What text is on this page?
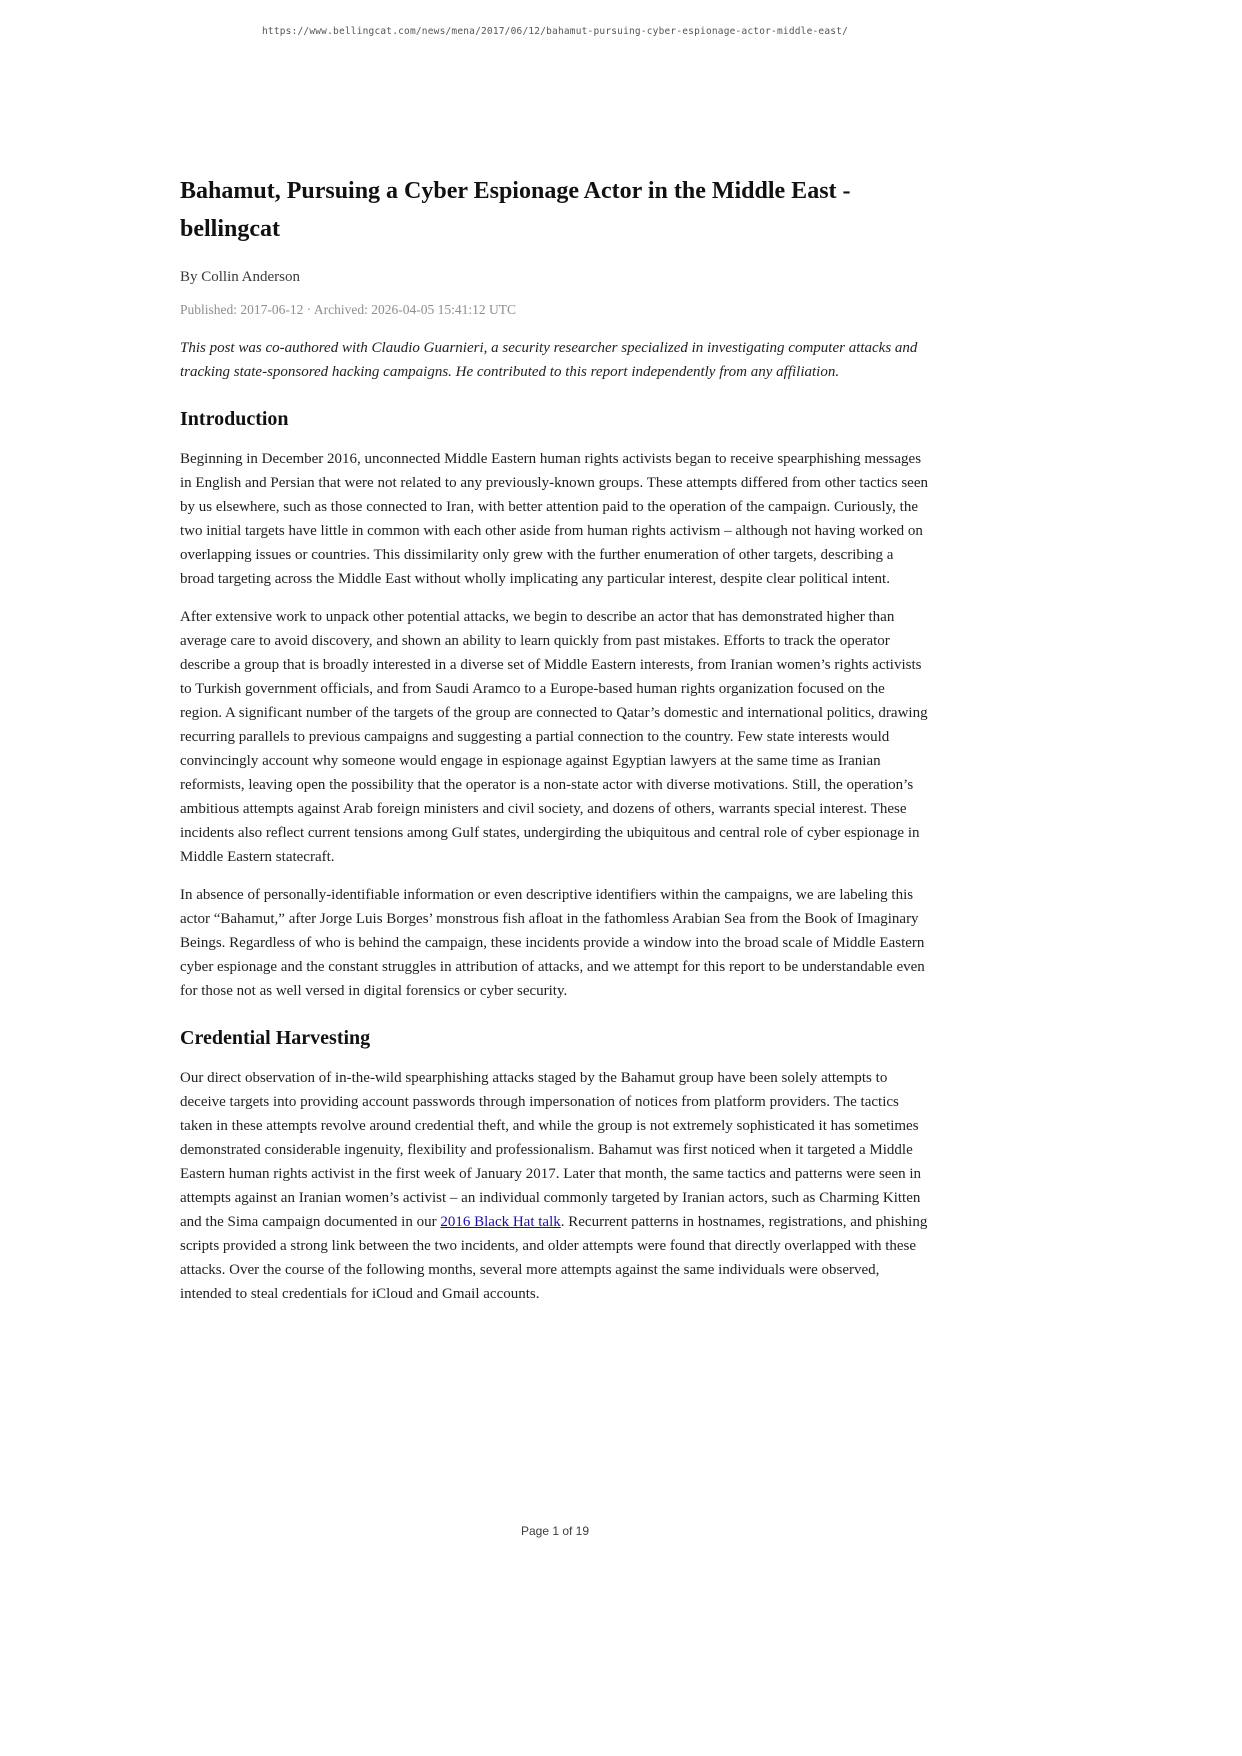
https://www.bellingcat.com/news/mena/2017/06/12/bahamut-pursuing-cyber-espionage-actor-middle-east/
Bahamut, Pursuing a Cyber Espionage Actor in the Middle East - bellingcat

By Collin Anderson

Published: 2017-06-12 · Archived: 2026-04-05 15:41:12 UTC

This post was co-authored with Claudio Guarnieri, a security researcher specialized in investigating computer attacks and tracking state-sponsored hacking campaigns. He contributed to this report independently from any affiliation.

Introduction

Beginning in December 2016, unconnected Middle Eastern human rights activists began to receive spearphishing messages in English and Persian that were not related to any previously-known groups. These attempts differed from other tactics seen by us elsewhere, such as those connected to Iran, with better attention paid to the operation of the campaign. Curiously, the two initial targets have little in common with each other aside from human rights activism – although not having worked on overlapping issues or countries. This dissimilarity only grew with the further enumeration of other targets, describing a broad targeting across the Middle East without wholly implicating any particular interest, despite clear political intent.

After extensive work to unpack other potential attacks, we begin to describe an actor that has demonstrated higher than average care to avoid discovery, and shown an ability to learn quickly from past mistakes. Efforts to track the operator describe a group that is broadly interested in a diverse set of Middle Eastern interests, from Iranian women’s rights activists to Turkish government officials, and from Saudi Aramco to a Europe-based human rights organization focused on the region. A significant number of the targets of the group are connected to Qatar’s domestic and international politics, drawing recurring parallels to previous campaigns and suggesting a partial connection to the country. Few state interests would convincingly account why someone would engage in espionage against Egyptian lawyers at the same time as Iranian reformists, leaving open the possibility that the operator is a non-state actor with diverse motivations. Still, the operation’s ambitious attempts against Arab foreign ministers and civil society, and dozens of others, warrants special interest. These incidents also reflect current tensions among Gulf states, undergirding the ubiquitous and central role of cyber espionage in Middle Eastern statecraft.

In absence of personally-identifiable information or even descriptive identifiers within the campaigns, we are labeling this actor “Bahamut,” after Jorge Luis Borges’ monstrous fish afloat in the fathomless Arabian Sea from the Book of Imaginary Beings. Regardless of who is behind the campaign, these incidents provide a window into the broad scale of Middle Eastern cyber espionage and the constant struggles in attribution of attacks, and we attempt for this report to be understandable even for those not as well versed in digital forensics or cyber security.

Credential Harvesting

Our direct observation of in-the-wild spearphishing attacks staged by the Bahamut group have been solely attempts to deceive targets into providing account passwords through impersonation of notices from platform providers. The tactics taken in these attempts revolve around credential theft, and while the group is not extremely sophisticated it has sometimes demonstrated considerable ingenuity, flexibility and professionalism. Bahamut was first noticed when it targeted a Middle Eastern human rights activist in the first week of January 2017. Later that month, the same tactics and patterns were seen in attempts against an Iranian women’s activist – an individual commonly targeted by Iranian actors, such as Charming Kitten and the Sima campaign documented in our 2016 Black Hat talk. Recurrent patterns in hostnames, registrations, and phishing scripts provided a strong link between the two incidents, and older attempts were found that directly overlapped with these attacks. Over the course of the following months, several more attempts against the same individuals were observed, intended to steal credentials for iCloud and Gmail accounts.

Page 1 of 19
